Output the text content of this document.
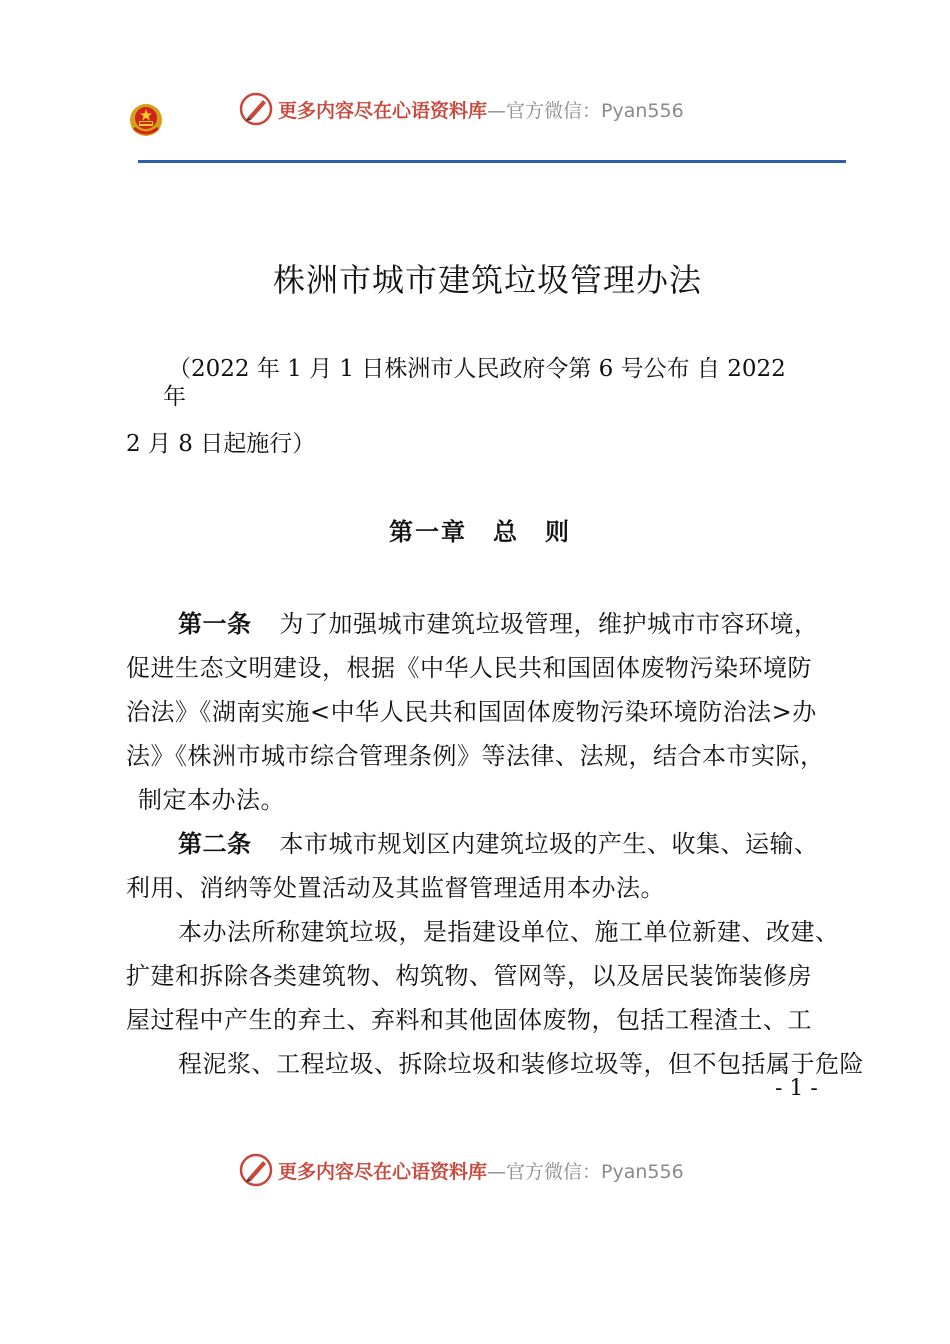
更多内容尽在心语资料库 —官方微信：Pyan556
株洲市城市建筑垃圾管理办法
（2022 年 1 月 1 日株洲市人民政府令第 6 号公布 自 2022
年
2 月 8 日起施行）
第一章　总　则
第一条 为了加强城市建筑垃圾管理，维护城市市容环境，
促进生态文明建设，根据《中华人民共和国固体废物污染环境防
治法》《湖南实施<中华人民共和国固体废物污染环境防治法>办
法》《株洲市城市综合管理条例》等法律、法规，结合本市实际，
制定本办法。
第二条 本市城市规划区内建筑垃圾的产生、收集、运输、
利用、消纳等处置活动及其监督管理适用本办法。
本办法所称建筑垃圾，是指建设单位、施工单位新建、改建、
扩建和拆除各类建筑物、构筑物、管网等，以及居民装饰装修房
屋过程中产生的弃土、弃料和其他固体废物，包括工程渣土、工
程泥浆、工程垃圾、拆除垃圾和装修垃圾等，但不包括属于危险
- 1 -
更多内容尽在心语资料库 —官方微信：Pyan556
